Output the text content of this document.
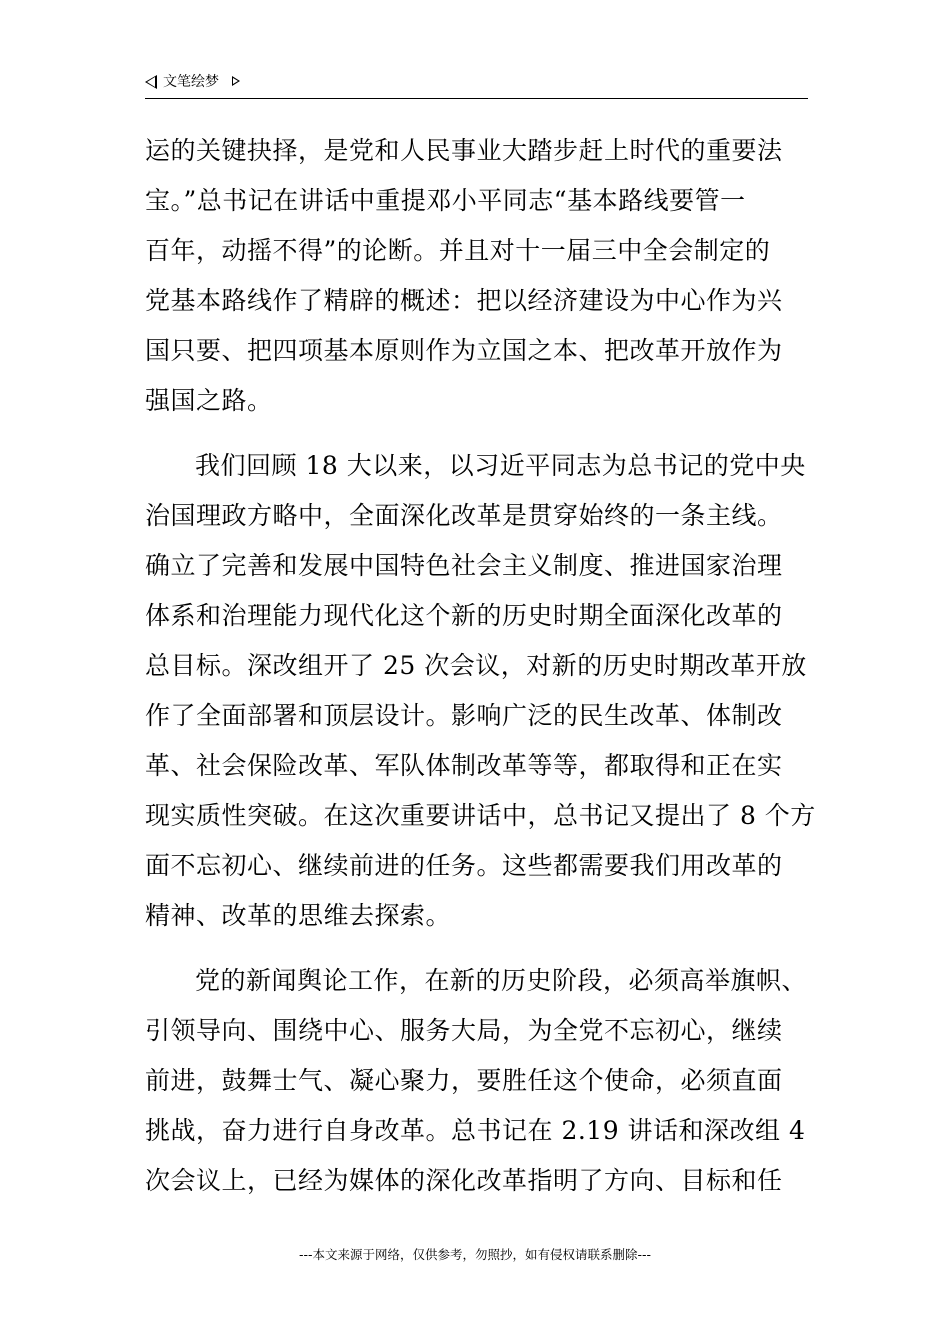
文笔绘梦
运的关键抉择，是党和人民事业大踏步赶上时代的重要法
宝。”总书记在讲话中重提邓小平同志“基本路线要管一
百年，动摇不得”的论断。并且对十一届三中全会制定的
党基本路线作了精辟的概述：把以经济建设为中心作为兴
国只要、把四项基本原则作为立国之本、把改革开放作为
强国之路。
我们回顾 18 大以来，以习近平同志为总书记的党中央
治国理政方略中，全面深化改革是贯穿始终的一条主线。
确立了完善和发展中国特色社会主义制度、推进国家治理
体系和治理能力现代化这个新的历史时期全面深化改革的
总目标。深改组开了 25 次会议，对新的历史时期改革开放
作了全面部署和顶层设计。影响广泛的民生改革、体制改
革、社会保险改革、军队体制改革等等，都取得和正在实
现实质性突破。在这次重要讲话中，总书记又提出了 8 个方
面不忘初心、继续前进的任务。这些都需要我们用改革的
精神、改革的思维去探索。
党的新闻舆论工作，在新的历史阶段，必须高举旗帜、
引领导向、围绕中心、服务大局，为全党不忘初心，继续
前进，鼓舞士气、凝心聚力，要胜任这个使命，必须直面
挑战，奋力进行自身改革。总书记在 2.19 讲话和深改组 4
次会议上，已经为媒体的深化改革指明了方向、目标和任
---本文来源于网络，仅供参考，勿照抄，如有侵权请联系删除---
